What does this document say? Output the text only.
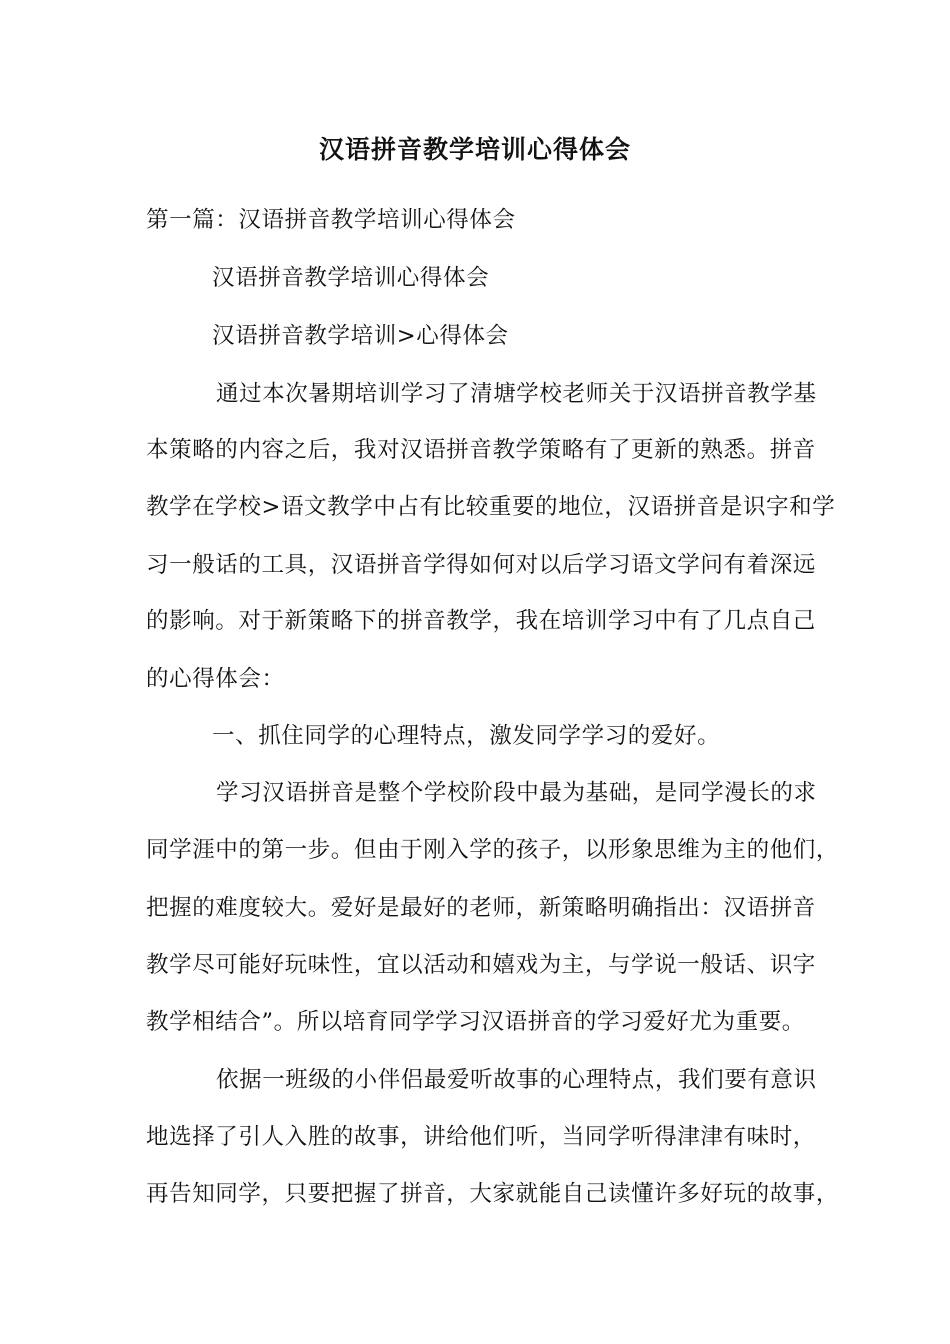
汉语拼音教学培训心得体会
第一篇：汉语拼音教学培训心得体会
汉语拼音教学培训心得体会
汉语拼音教学培训>心得体会
通过本次暑期培训学习了清塘学校老师关于汉语拼音教学基
本策略的内容之后，我对汉语拼音教学策略有了更新的熟悉。拼音
教学在学校>语文教学中占有比较重要的地位，汉语拼音是识字和学
习一般话的工具，汉语拼音学得如何对以后学习语文学问有着深远
的影响。对于新策略下的拼音教学，我在培训学习中有了几点自己
的心得体会：
一、抓住同学的心理特点，激发同学学习的爱好。
学习汉语拼音是整个学校阶段中最为基础，是同学漫长的求
同学涯中的第一步。但由于刚入学的孩子，以形象思维为主的他们，
把握的难度较大。爱好是最好的老师，新策略明确指出：汉语拼音
教学尽可能好玩味性，宜以活动和嬉戏为主，与学说一般话、识字
教学相结合”。所以培育同学学习汉语拼音的学习爱好尤为重要。
依据一班级的小伴侣最爱听故事的心理特点，我们要有意识
地选择了引人入胜的故事，讲给他们听，当同学听得津津有味时，
再告知同学，只要把握了拼音，大家就能自己读懂许多好玩的故事，
